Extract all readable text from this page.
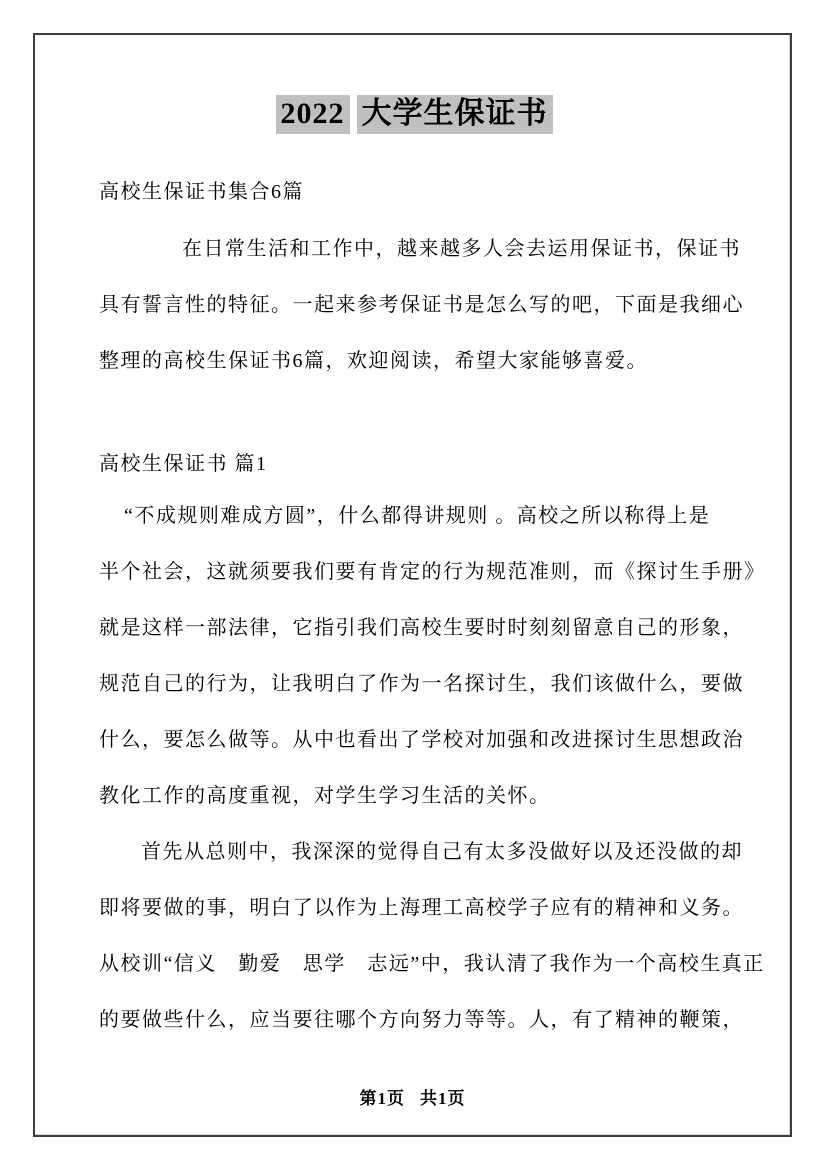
2022 大学生保证书
高校生保证书集合6篇
在日常生活和工作中，越来越多人会去运用保证书，保证书
具有誓言性的特征。一起来参考保证书是怎么写的吧，下面是我细心
整理的高校生保证书6篇，欢迎阅读，希望大家能够喜爱。
高校生保证书 篇1
“不成规则难成方圆”，什么都得讲规则 。高校之所以称得上是
半个社会，这就须要我们要有肯定的行为规范准则，而《探讨生手册》
就是这样一部法律，它指引我们高校生要时时刻刻留意自己的形象，
规范自己的行为，让我明白了作为一名探讨生，我们该做什么，要做
什么，要怎么做等。从中也看出了学校对加强和改进探讨生思想政治
教化工作的高度重视，对学生学习生活的关怀。
首先从总则中，我深深的觉得自己有太多没做好以及还没做的却
即将要做的事，明白了以作为上海理工高校学子应有的精神和义务。
从校训“信义　勤爱　思学　志远”中，我认清了我作为一个高校生真正
的要做些什么，应当要往哪个方向努力等等。人，有了精神的鞭策，
第1页 共1页
